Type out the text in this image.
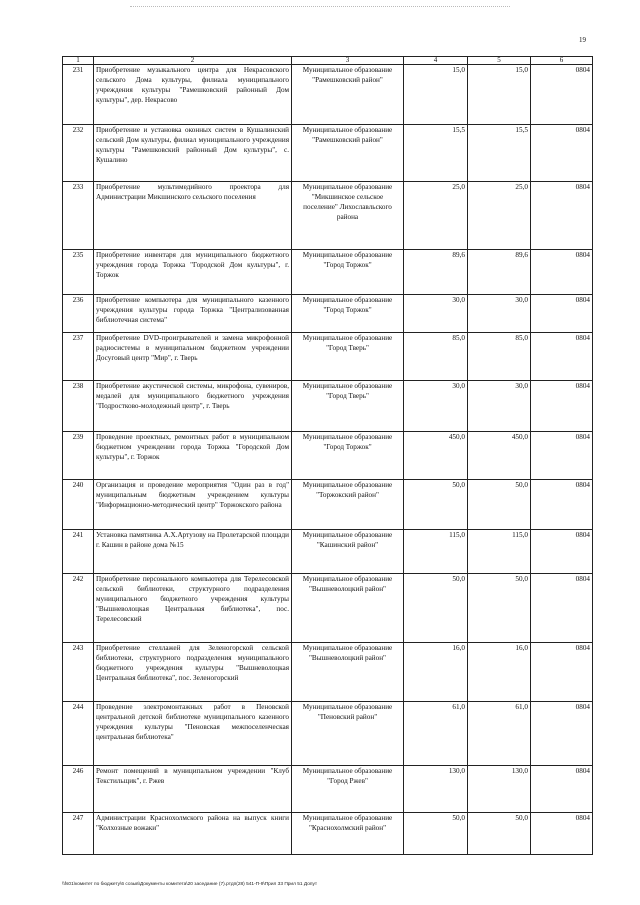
19
1	2	3	4	5	6
231	Приобретение музыкального центра для Некрасовского сельского Дома культуры, филиала муниципального учреждения культуры "Рамешковский районный Дом культуры", дер. Некрасово	Муниципальное образование "Рамешковский район"	15,0	15,0	0804
232	Приобретение и установка оконных систем в Кушалинский сельский Дом культуры, филиал муниципального учреждения культуры "Рамешковский районный Дом культуры", с. Кушалино	Муниципальное образование "Рамешковский район"	15,5	15,5	0804
233	Приобретение мультимедийного проектора для Администрации Микшинского сельского поселения	Муниципальное образование "Микшинское сельское поселение" Лихославльского района	25,0	25,0	0804
235	Приобретение инвентаря для муниципального бюджетного учреждения города Торжка "Городской Дом культуры", г. Торжок	Муниципальное образование "Город Торжок"	89,6	89,6	0804
236	Приобретение компьютера для муниципального казенного учреждения культуры города Торжка "Централизованная библиотечная система"	Муниципальное образование "Город Торжок"	30,0	30,0	0804
237	Приобретение DVD-проигрывателей и замена микрофонной радиосистемы в муниципальном бюджетном учреждении Досуговый центр "Мир", г. Тверь	Муниципальное образование "Город Тверь"	85,0	85,0	0804
238	Приобретение акустической системы, микрофона, сувениров, медалей для муниципального бюджетного учреждения "Подростково-молодежный центр", г. Тверь	Муниципальное образование "Город Тверь"	30,0	30,0	0804
239	Проведение проектных, ремонтных работ в муниципальном бюджетном учреждении города Торжка "Городской Дом культуры", г. Торжок	Муниципальное образование "Город Торжок"	450,0	450,0	0804
240	Организация и проведение мероприятия "Один раз в год" муниципальным бюджетным учреждением культуры "Информационно-методический центр" Торжокского района	Муниципальное образование "Торжокский район"	50,0	50,0	0804
241	Установка памятника А.Х.Артузову на Пролетарской площади г. Кашин в районе дома №15	Муниципальное образование "Кашинский район"	115,0	115,0	0804
242	Приобретение персонального компьютера для Терелесовской сельской библиотеки, структурного подразделения муниципального бюджетного учреждения культуры "Вышневолоцкая Центральная библиотека", пос. Терелесовский	Муниципальное образование "Вышневолоцкий район"	50,0	50,0	0804
243	Приобретение стеллажей для Зеленогорской сельской библиотеки, структурного подразделения муниципального бюджетного учреждения культуры "Вышневолоцкая Центральная библиотека", пос. Зеленогорский	Муниципальное образование "Вышневолоцкий район"	16,0	16,0	0804
244	Проведение электромонтажных работ в Пеновской центральной детской библиотеке муниципального казенного учреждения культуры "Пеновская межпоселенческая центральная библиотека"	Муниципальное образование "Пеновский район"	61,0	61,0	0804
246	Ремонт помещений в муниципальном учреждении "Клуб Текстильщик", г. Ржев	Муниципальное образование "Город Ржев"	130,0	130,0	0804
247	Администрации Краснохолмского района на выпуск книги "Колхозные вожаки"	Муниципальное образование "Краснохолмский район"	50,0	50,0	0804
\\fs01\комитет по бюджету\6 созыв\Документы комитета\20 заседание (7).pтдп(28) 541-П-9\Прил 33 Прил 51 Допут
